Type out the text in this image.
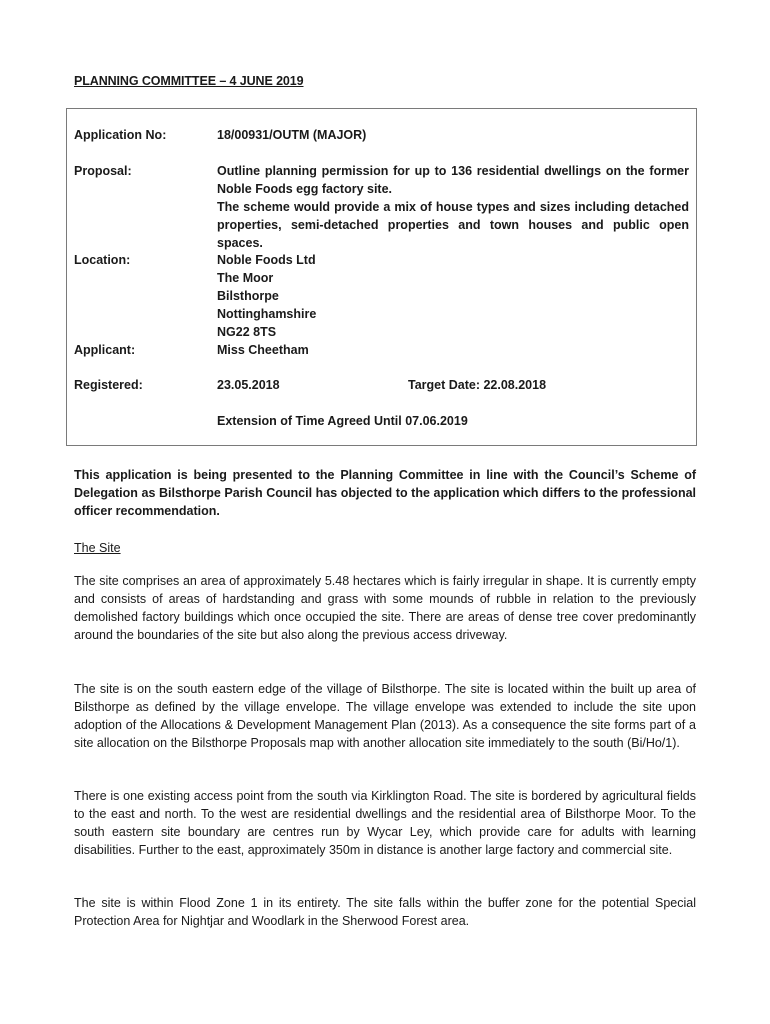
PLANNING COMMITTEE – 4 JUNE 2019
Application No:	18/00931/OUTM (MAJOR)
Proposal:	Outline planning permission for up to 136 residential dwellings on the former Noble Foods egg factory site.
The scheme would provide a mix of house types and sizes including detached properties, semi-detached properties and town houses and public open spaces.
Location:	Noble Foods Ltd
The Moor
Bilsthorpe
Nottinghamshire
NG22 8TS
Applicant:	Miss Cheetham
Registered:	23.05.2018	Target Date: 22.08.2018
Extension of Time Agreed Until 07.06.2019
This application is being presented to the Planning Committee in line with the Council’s Scheme of Delegation as Bilsthorpe Parish Council has objected to the application which differs to the professional officer recommendation.
The Site
The site comprises an area of approximately 5.48 hectares which is fairly irregular in shape. It is currently empty and consists of areas of hardstanding and grass with some mounds of rubble in relation to the previously demolished factory buildings which once occupied the site. There are areas of dense tree cover predominantly around the boundaries of the site but also along the previous access driveway.
The site is on the south eastern edge of the village of Bilsthorpe. The site is located within the built up area of Bilsthorpe as defined by the village envelope. The village envelope was extended to include the site upon adoption of the Allocations & Development Management Plan (2013). As a consequence the site forms part of a site allocation on the Bilsthorpe Proposals map with another allocation site immediately to the south (Bi/Ho/1).
There is one existing access point from the south via Kirklington Road. The site is bordered by agricultural fields to the east and north. To the west are residential dwellings and the residential area of Bilsthorpe Moor. To the south eastern site boundary are centres run by Wycar Ley, which provide care for adults with learning disabilities. Further to the east, approximately 350m in distance is another large factory and commercial site.
The site is within Flood Zone 1 in its entirety. The site falls within the buffer zone for the potential Special Protection Area for Nightjar and Woodlark in the Sherwood Forest area.
